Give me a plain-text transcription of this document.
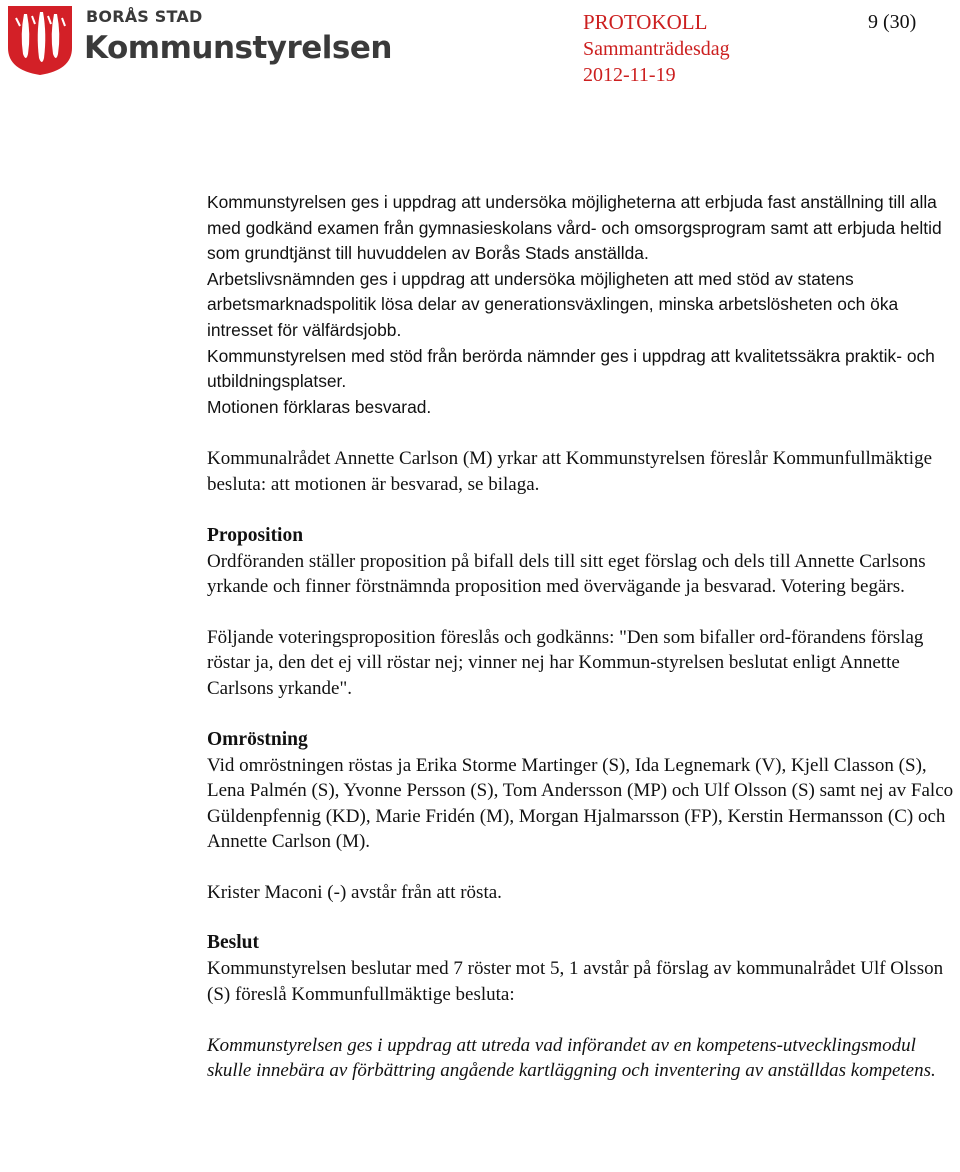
BORÅS STAD
Kommunstyrelsen
PROTOKOLL
Sammanträdesdag
2012-11-19
9 (30)

Kommunstyrelsen ges i uppdrag att undersöka möjligheterna att erbjuda fast anställning till alla med godkänd examen från gymnasieskolans vård- och omsorgsprogram samt att erbjuda heltid som grundtjänst till huvuddelen av Borås Stads anställda.

Arbetslivsnämnden ges i uppdrag att undersöka möjligheten att med stöd av statens arbetsmarknadspolitik lösa delar av generationsväxlingen, minska arbetslösheten och öka intresset för välfärdsjobb.

Kommunstyrelsen med stöd från berörda nämnder ges i uppdrag att kvalitetssäkra praktik- och utbildningsplatser.

Motionen förklaras besvarad.

Kommunalrådet Annette Carlson (M) yrkar att Kommunstyrelsen föreslår Kommunfullmäktige besluta: att motionen är besvarad, se bilaga.

Proposition

Ordföranden ställer proposition på bifall dels till sitt eget förslag och dels till Annette Carlsons yrkande och finner förstnämnda proposition med övervägande ja besvarad. Votering begärs.

Följande voteringsproposition föreslås och godkänns: "Den som bifaller ord-förandens förslag röstar ja, den det ej vill röstar nej; vinner nej har Kommun-styrelsen beslutat enligt Annette Carlsons yrkande".

Omröstning

Vid omröstningen röstas ja Erika Storme Martinger (S), Ida Legnemark (V), Kjell Classon (S), Lena Palmén (S), Yvonne Persson (S), Tom Andersson (MP) och Ulf Olsson (S) samt nej av Falco Güldenpfennig (KD), Marie Fridén (M), Morgan Hjalmarsson (FP), Kerstin Hermansson (C) och Annette Carlson (M).

Krister Maconi (-) avstår från att rösta.

Beslut

Kommunstyrelsen beslutar med 7 röster mot 5, 1 avstår på förslag av kommunalrådet Ulf Olsson (S) föreslå Kommunfullmäktige besluta:

Kommunstyrelsen ges i uppdrag att utreda vad införandet av en kompetens-utvecklingsmodul skulle innebära av förbättring angående kartläggning och inventering av anställdas kompetens.
